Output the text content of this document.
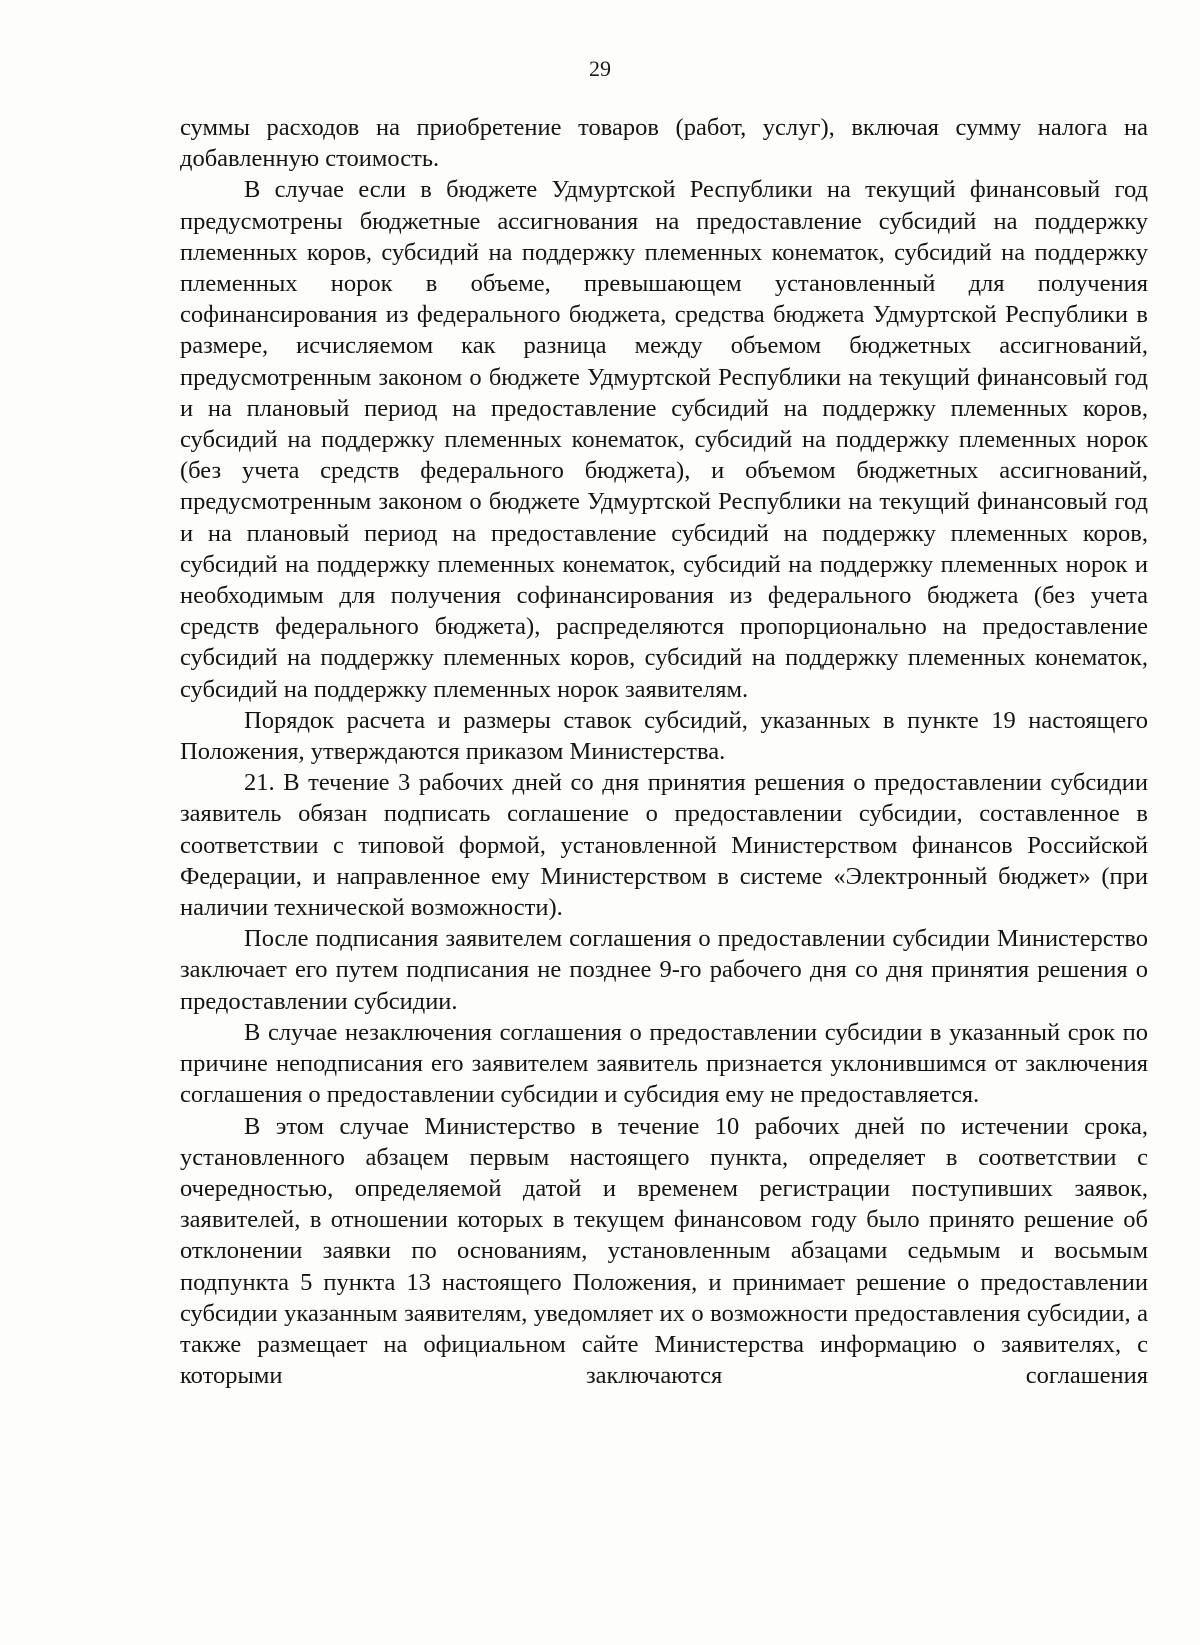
29

суммы расходов на приобретение товаров (работ, услуг), включая сумму налога на добавленную стоимость.

В случае если в бюджете Удмуртской Республики на текущий финансовый год предусмотрены бюджетные ассигнования на предоставление субсидий на поддержку племенных коров, субсидий на поддержку племенных конематок, субсидий на поддержку племенных норок в объеме, превышающем установленный для получения софинансирования из федерального бюджета, средства бюджета Удмуртской Республики в размере, исчисляемом как разница между объемом бюджетных ассигнований, предусмотренным законом о бюджете Удмуртской Республики на текущий финансовый год и на плановый период на предоставление субсидий на поддержку племенных коров, субсидий на поддержку племенных конематок, субсидий на поддержку племенных норок (без учета средств федерального бюджета), и объемом бюджетных ассигнований, предусмотренным законом о бюджете Удмуртской Республики на текущий финансовый год и на плановый период на предоставление субсидий на поддержку племенных коров, субсидий на поддержку племенных конематок, субсидий на поддержку племенных норок и необходимым для получения софинансирования из федерального бюджета (без учета средств федерального бюджета), распределяются пропорционально на предоставление субсидий на поддержку племенных коров, субсидий на поддержку племенных конематок, субсидий на поддержку племенных норок заявителям.

Порядок расчета и размеры ставок субсидий, указанных в пункте 19 настоящего Положения, утверждаются приказом Министерства.

21. В течение 3 рабочих дней со дня принятия решения о предоставлении субсидии заявитель обязан подписать соглашение о предоставлении субсидии, составленное в соответствии с типовой формой, установленной Министерством финансов Российской Федерации, и направленное ему Министерством в системе «Электронный бюджет» (при наличии технической возможности).

После подписания заявителем соглашения о предоставлении субсидии Министерство заключает его путем подписания не позднее 9-го рабочего дня со дня принятия решения о предоставлении субсидии.

В случае незаключения соглашения о предоставлении субсидии в указанный срок по причине неподписания его заявителем заявитель признается уклонившимся от заключения соглашения о предоставлении субсидии и субсидия ему не предоставляется.

В этом случае Министерство в течение 10 рабочих дней по истечении срока, установленного абзацем первым настоящего пункта, определяет в соответствии с очередностью, определяемой датой и временем регистрации поступивших заявок, заявителей, в отношении которых в текущем финансовом году было принято решение об отклонении заявки по основаниям, установленным абзацами седьмым и восьмым подпункта 5 пункта 13 настоящего Положения, и принимает решение о предоставлении субсидии указанным заявителям, уведомляет их о возможности предоставления субсидии, а также размещает на официальном сайте Министерства информацию о заявителях, с которыми заключаются соглашения
